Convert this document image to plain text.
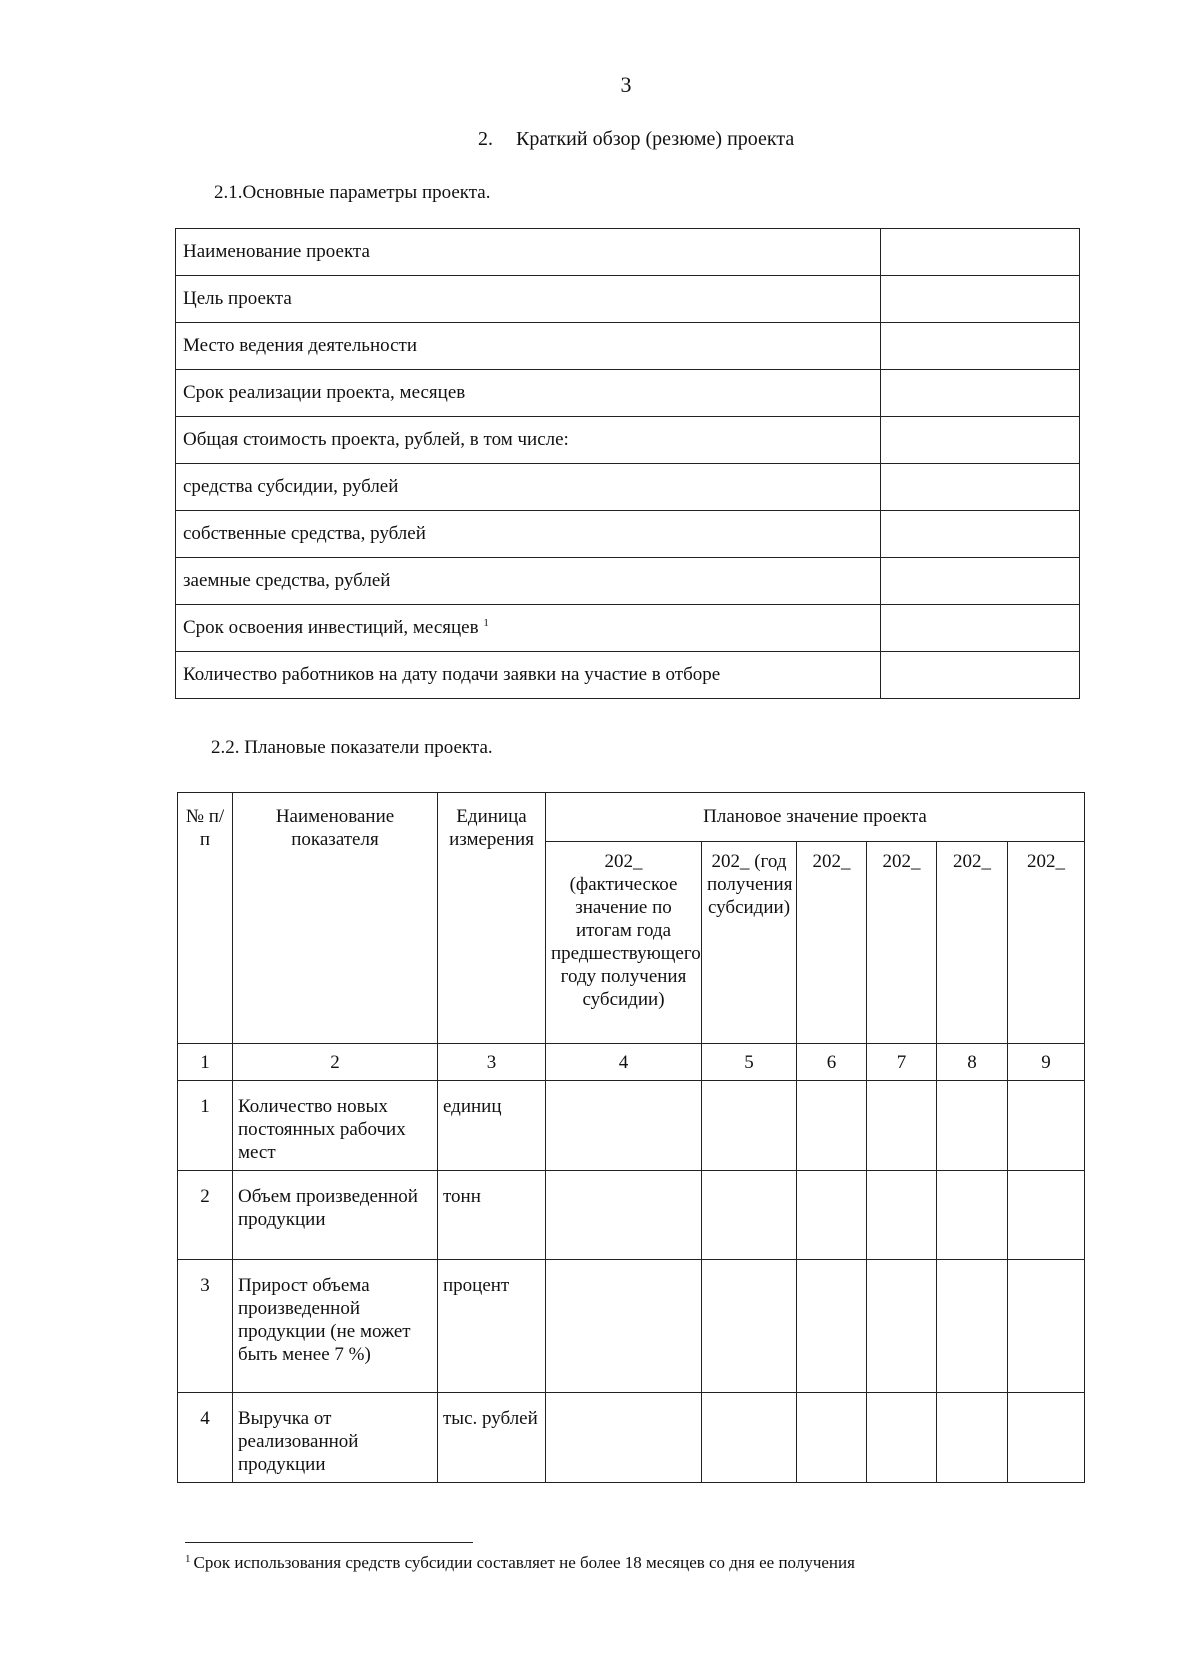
3
2. Краткий обзор (резюме) проекта
2.1.Основные параметры проекта.
Наименование проекта	
Цель проекта	
Место ведения деятельности	
Срок реализации проекта, месяцев	
Общая стоимость проекта, рублей, в том числе:	
средства субсидии, рублей	
собственные средства, рублей	
заемные средства, рублей	
Срок освоения инвестиций, месяцев $^1$	
Количество работников на дату подачи заявки на участие в отборе	
2.2. Плановые показатели проекта.
№ п/п	Наименование показателя	Единица измерения	Плановое значение проекта					
			202_ (фактическое значение по итогам года предшествующего году получения субсидии)	202_ (год получения субсидии)	202_	202_	202_	202_
1	2	3	4	5	6	7	8	9
1	Количество новых постоянных рабочих мест	единиц						
2	Объем произведенной продукции	тонн						
3	Прирост объема произведенной продукции (не может быть менее 7 %)	процент						
4	Выручка от реализованной продукции	тыс. рублей						
$^1$ Срок использования средств субсидии составляет не более 18 месяцев со дня ее получения
